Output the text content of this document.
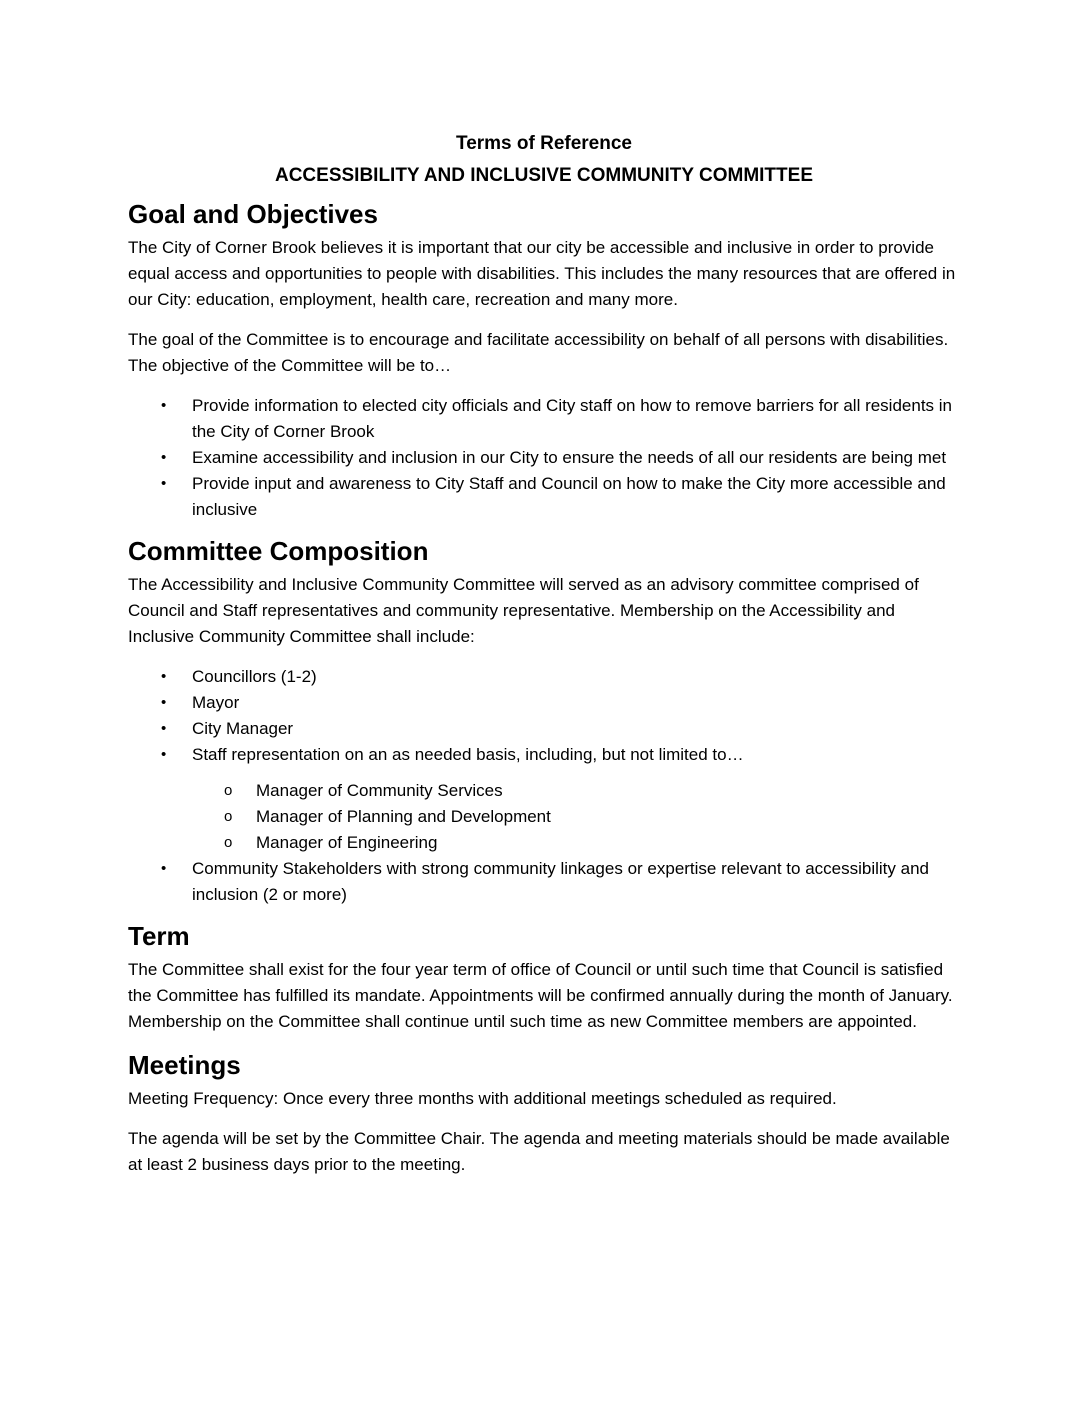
Terms of Reference

ACCESSIBILITY AND INCLUSIVE COMMUNITY COMMITTEE

Goal and Objectives

The City of Corner Brook believes it is important that our city be accessible and inclusive in order to provide equal access and opportunities to people with disabilities. This includes the many resources that are offered in our City: education, employment, health care, recreation and many more.

The goal of the Committee is to encourage and facilitate accessibility on behalf of all persons with disabilities. The objective of the Committee will be to…

• Provide information to elected city officials and City staff on how to remove barriers for all residents in the City of Corner Brook
• Examine accessibility and inclusion in our City to ensure the needs of all our residents are being met
• Provide input and awareness to City Staff and Council on how to make the City more accessible and inclusive
Committee Composition

The Accessibility and Inclusive Community Committee will served as an advisory committee comprised of Council and Staff representatives and community representative. Membership on the Accessibility and Inclusive Community Committee shall include:

• Councillors (1-2)
• Mayor
• City Manager
• Staff representation on an as needed basis, including, but not limited to…
o Manager of Community Services
o Manager of Planning and Development
o Manager of Engineering
• Community Stakeholders with strong community linkages or expertise relevant to accessibility and inclusion (2 or more)
Term

The Committee shall exist for the four year term of office of Council or until such time that Council is satisfied the Committee has fulfilled its mandate. Appointments will be confirmed annually during the month of January. Membership on the Committee shall continue until such time as new Committee members are appointed.

Meetings

Meeting Frequency: Once every three months with additional meetings scheduled as required.

The agenda will be set by the Committee Chair. The agenda and meeting materials should be made available at least 2 business days prior to the meeting.
